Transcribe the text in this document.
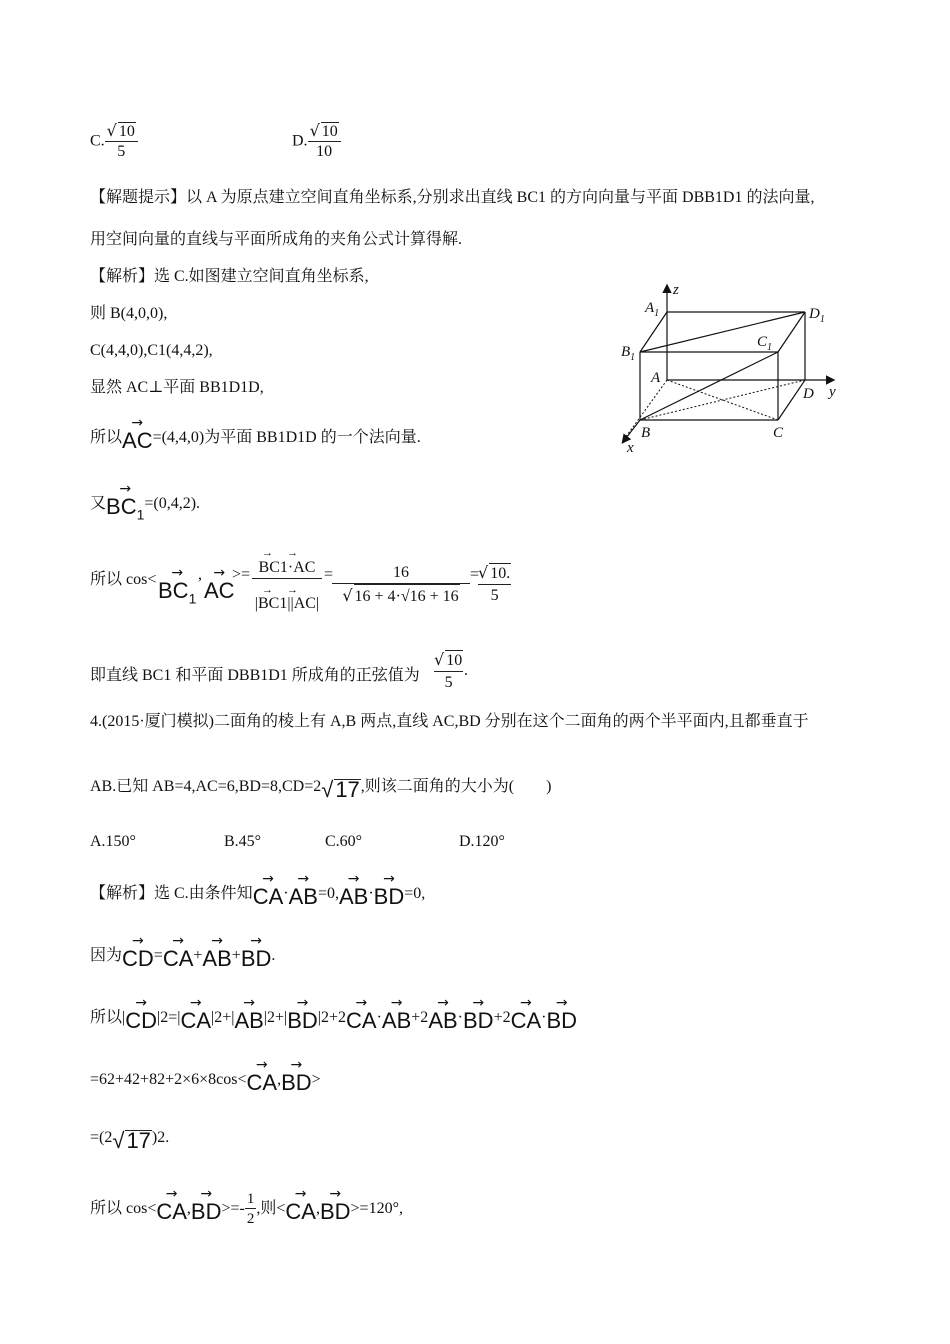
C. $\frac{√ 10}{5}$	D. $\frac{√ 10}{10}$
【解题提示】以 A 为原点建立空间直角坐标系,分别求出直线 BC1 的方向向量与平面 DBB1D1 的法向量,
用空间向量的直线与平面所成角的夹角公式计算得解.
【解析】选 C.如图建立空间直角坐标系,
则 B(4,0,0),
C(4,4,0),C1(4,4,2),
显然 AC⊥平面 BB1D1D,
所以
→
AC=(4,4,0)为平面 BB1D1D 的一个法向量.
又
→
$BC_1=(0,4,2)$.
所以 cos<	→
$BC_1$
, →
AC
>=
→→
BC1·AC
→→
|BC1||AC|
=
$\frac{16}{√ 16 + 4\cdot√16 + 16}$ =
$\frac{√ 10.}{5}$
即直线 BC1 和平面 DBB1D1 所成角的正弦值为 $\frac{√ 10}{5}$ .
4.(2015·厦门模拟)二面角的棱上有 A,B 两点,直线 AC,BD 分别在这个二面角的两个半平面内,且都垂直于
AB.已知 AB=4,AC=6,BD=8,CD=2√17,则该二面角的大小为(　　)
A.150°	B.45°	C.60°	D.120°
【解析】选 C.由条件知
→
CA·
→
AB=0,
→
AB·
→
BD=0,
因为
→
CD=
→
CA+
→
AB+
→
BD.
所以|
→
CD|2=|
→
CA|2+|
→
AB|2+|
→
BD|2+2
→
CA·
→
AB+2
→
AB·
→
BD+2
→
CA·
→
BD
=62+42+82+2×6×8cos<
→
CA,
→
BD>
=(2√17)2.
所以 cos<
→
CA,
→
$BD>=- \frac{1}{2}$ ,则<
→
CA,
→
BD>=120°,
z
y
x
$A_1$	$D_1$
$B_1$
$C_1$
A
B	C
D
